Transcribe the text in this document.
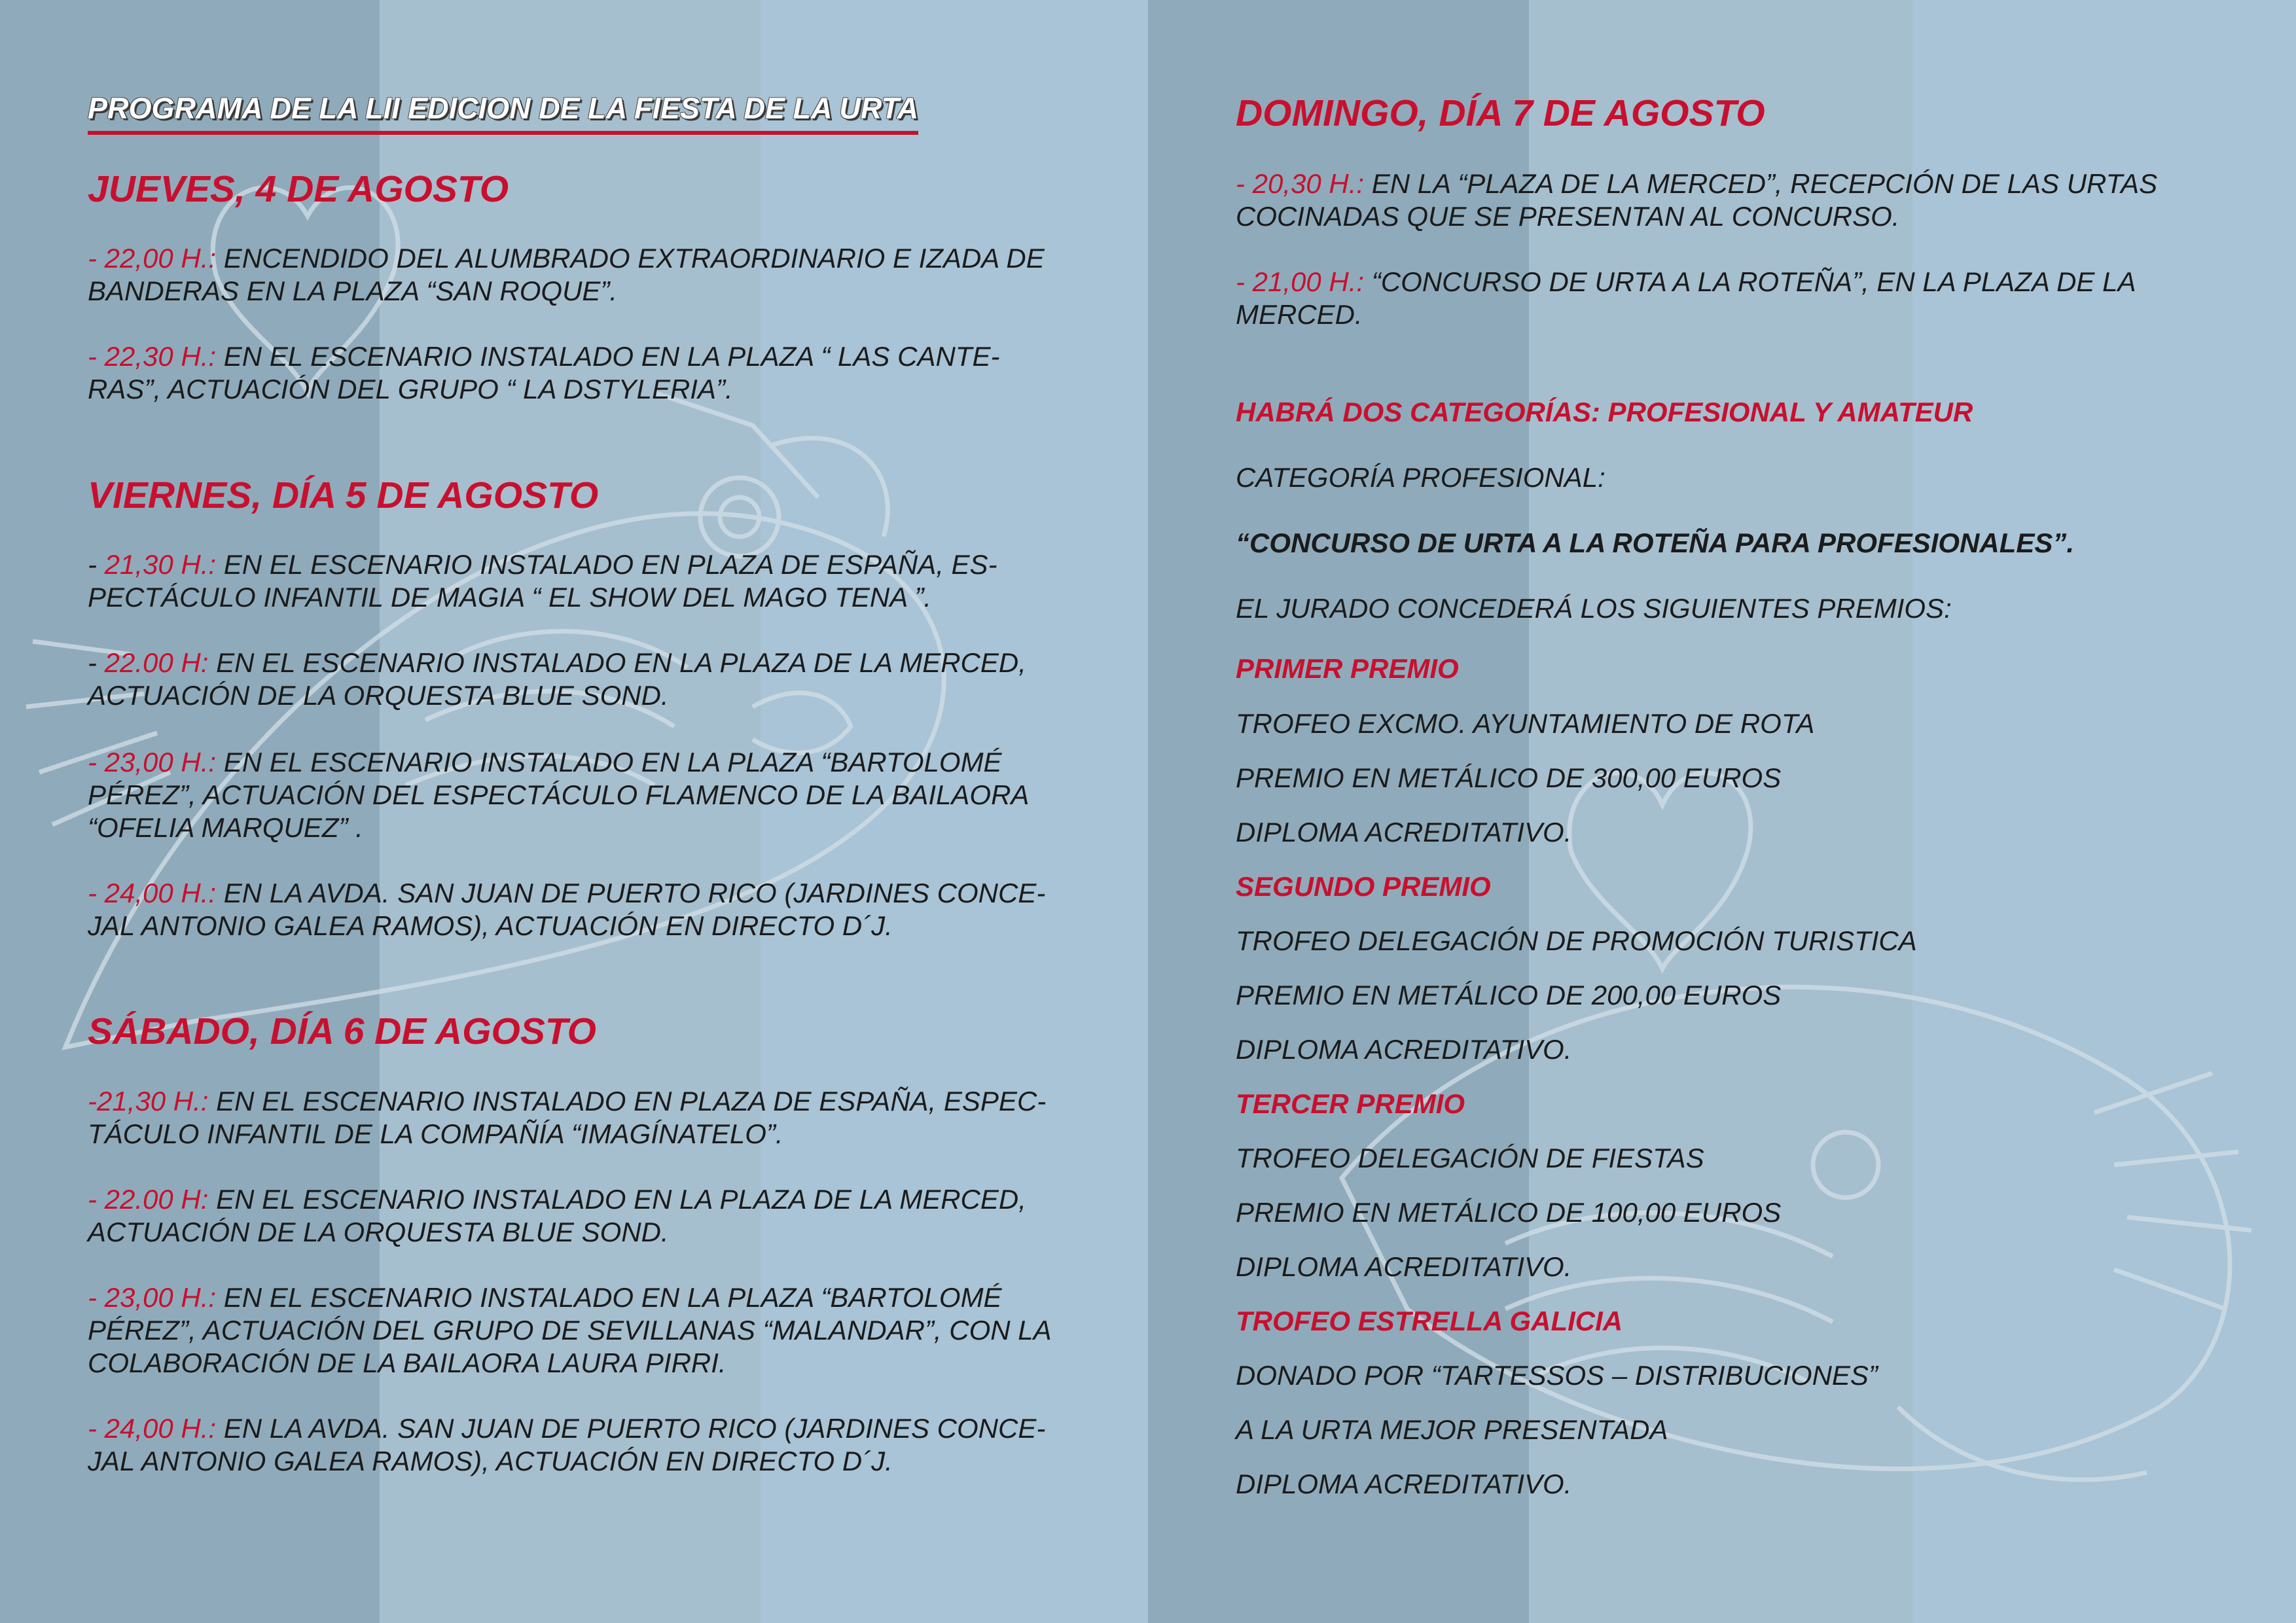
PROGRAMA DE LA LII EDICION DE LA FIESTA DE LA URTA
JUEVES, 4 DE AGOSTO
- 22,00 H.: ENCENDIDO DEL ALUMBRADO EXTRAORDINARIO E IZADA DE
BANDERAS EN LA PLAZA “SAN ROQUE”.
- 22,30 H.: EN EL ESCENARIO INSTALADO EN LA PLAZA “ LAS CANTE-
RAS”, ACTUACIÓN DEL GRUPO “ LA DSTYLERIA”.
VIERNES, DÍA 5 DE AGOSTO
- 21,30 H.: EN EL ESCENARIO INSTALADO EN PLAZA DE ESPAÑA, ES-
PECTÁCULO INFANTIL DE MAGIA “ EL SHOW DEL MAGO TENA ”.
- 22.00 H: EN EL ESCENARIO INSTALADO EN LA PLAZA DE LA MERCED,
ACTUACIÓN DE LA ORQUESTA BLUE SOND.
- 23,00 H.: EN EL ESCENARIO INSTALADO EN LA PLAZA “BARTOLOMÉ
PÉREZ”, ACTUACIÓN DEL ESPECTÁCULO FLAMENCO DE LA BAILAORA
“OFELIA MARQUEZ” .
- 24,00 H.: EN LA AVDA. SAN JUAN DE PUERTO RICO (JARDINES CONCE-
JAL ANTONIO GALEA RAMOS), ACTUACIÓN EN DIRECTO D´J.
SÁBADO, DÍA 6 DE AGOSTO
-21,30 H.: EN EL ESCENARIO INSTALADO EN PLAZA DE ESPAÑA, ESPEC-
TÁCULO INFANTIL DE LA COMPAÑÍA “IMAGÍNATELO”.
- 22.00 H: EN EL ESCENARIO INSTALADO EN LA PLAZA DE LA MERCED,
ACTUACIÓN DE LA ORQUESTA BLUE SOND.
- 23,00 H.: EN EL ESCENARIO INSTALADO EN LA PLAZA “BARTOLOMÉ
PÉREZ”, ACTUACIÓN DEL GRUPO DE SEVILLANAS “MALANDAR”, CON LA
COLABORACIÓN DE LA BAILAORA LAURA PIRRI.
- 24,00 H.: EN LA AVDA. SAN JUAN DE PUERTO RICO (JARDINES CONCE-
JAL ANTONIO GALEA RAMOS), ACTUACIÓN EN DIRECTO D´J.
DOMINGO, DÍA 7 DE AGOSTO
- 20,30 H.: EN LA “PLAZA DE LA MERCED”, RECEPCIÓN DE LAS URTAS
COCINADAS QUE SE PRESENTAN AL CONCURSO.
- 21,00 H.: “CONCURSO DE URTA A LA ROTEÑA”, EN LA PLAZA DE LA
MERCED.
HABRÁ DOS CATEGORÍAS: PROFESIONAL Y AMATEUR
CATEGORÍA PROFESIONAL:
“CONCURSO DE URTA A LA ROTEÑA PARA PROFESIONALES”.
EL JURADO CONCEDERÁ LOS SIGUIENTES PREMIOS:
PRIMER PREMIO
TROFEO EXCMO. AYUNTAMIENTO DE ROTA
PREMIO EN METÁLICO DE 300,00 EUROS
DIPLOMA ACREDITATIVO.
SEGUNDO PREMIO
TROFEO DELEGACIÓN DE PROMOCIÓN TURISTICA
PREMIO EN METÁLICO DE 200,00 EUROS
DIPLOMA ACREDITATIVO.
TERCER PREMIO
TROFEO DELEGACIÓN DE FIESTAS
PREMIO EN METÁLICO DE 100,00 EUROS
DIPLOMA ACREDITATIVO.
TROFEO ESTRELLA GALICIA
DONADO POR “TARTESSOS – DISTRIBUCIONES”
A LA URTA MEJOR PRESENTADA
DIPLOMA ACREDITATIVO.
